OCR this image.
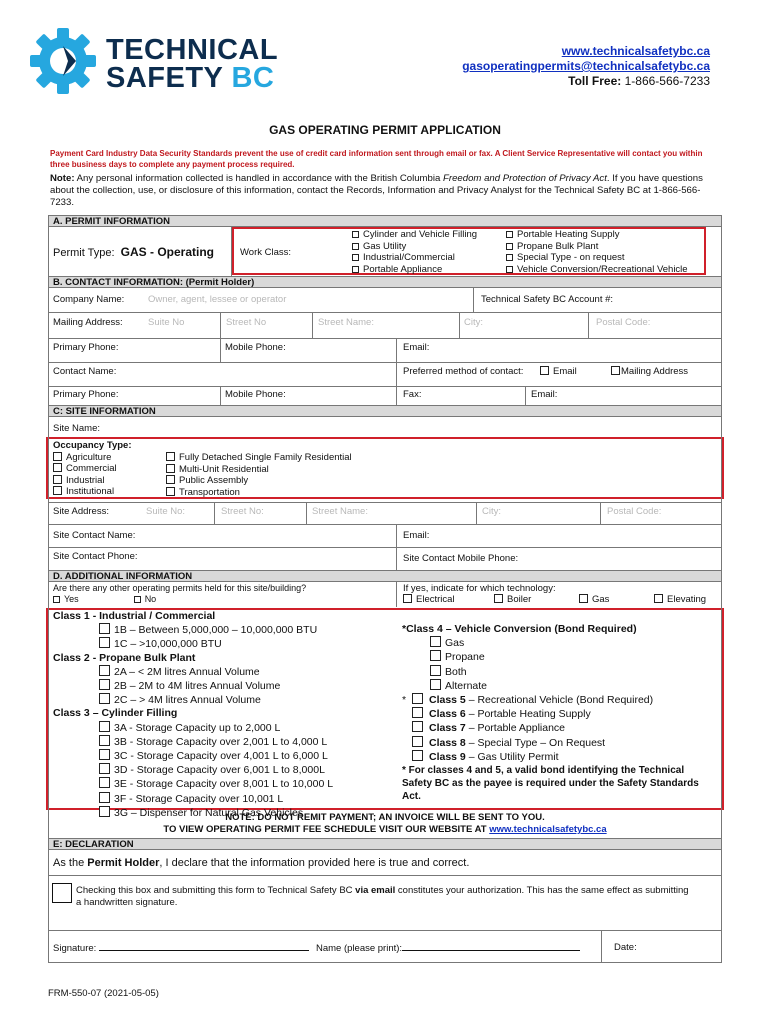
TECHNICAL
SAFETY BC
www.technicalsafetybc.ca
gasoperatingpermits@technicalsafetybc.ca
Toll Free: 1-866-566-7233
GAS OPERATING PERMIT APPLICATION
Payment Card Industry Data Security Standards prevent the use of credit card information sent through email or fax. A Client Service Representative will contact you within three business days to complete any payment process required.
Note: Any personal information collected is handled in accordance with the British Columbia Freedom and Protection of Privacy Act. If you have questions about the collection, use, or disclosure of this information, contact the Records, Information and Privacy Analyst for the Technical Safety BC at 1-866-566-7233.
A. PERMIT INFORMATION
Permit Type: GAS - Operating	Work Class:
Cylinder and Vehicle Filling
Gas Utility
Industrial/Commercial
Portable Appliance
Portable Heating Supply
Propane Bulk Plant
Special Type - on request
Vehicle Conversion/Recreational Vehicle
B. CONTACT INFORMATION: (Permit Holder)
Company Name: Owner, agent, lessee or operator	Technical Safety BC Account #:
Mailing Address:	Suite No	Street No	Street Name:	City:	Postal Code:
Primary Phone:	Mobile Phone:	Email:
Contact Name:	Preferred method of contact:	Email	Mailing Address
Primary Phone:	Mobile Phone:	Fax:	Email:
C: SITE INFORMATION
Site Name:
Occupancy Type:
Agriculture
Commercial
Industrial
Institutional
Fully Detached Single Family Residential
Multi-Unit Residential
Public Assembly
Transportation
Site Address:	Suite No:	Street No:	Street Name:	City:	Postal Code:
Site Contact Name:	Email:
Site Contact Phone:	Site Contact Mobile Phone:
D. ADDITIONAL INFORMATION
Are there any other operating permits held for this site/building?
Yes	No
If yes, indicate for which technology:
Electrical	Boiler	Gas	Elevating
Class 1 - Industrial / Commercial
1B – Between 5,000,000 – 10,000,000 BTU
1C – >10,000,000 BTU
Class 2 - Propane Bulk Plant
2A – < 2M litres Annual Volume
2B – 2M to 4M litres Annual Volume
2C – > 4M litres Annual Volume
Class 3 – Cylinder Filling
3A - Storage Capacity up to 2,000 L
3B - Storage Capacity over 2,001 L to 4,000 L
3C - Storage Capacity over 4,001 L to 6,000 L
3D - Storage Capacity over 6,001 L to 8,000L
3E - Storage Capacity over 8,001 L to 10,000 L
3F - Storage Capacity over 10,001 L
3G – Dispenser for Natural Gas Vehicles
*Class 4 – Vehicle Conversion (Bond Required)
Gas
Propane
Both
Alternate
* Class 5 – Recreational Vehicle (Bond Required)
Class 6 – Portable Heating Supply
Class 7 – Portable Appliance
Class 8 – Special Type – On Request
Class 9 – Gas Utility Permit
* For classes 4 and 5, a valid bond identifying the Technical Safety BC as the payee is required under the Safety Standards Act.
NOTE: DO NOT REMIT PAYMENT; AN INVOICE WILL BE SENT TO YOU.
TO VIEW OPERATING PERMIT FEE SCHEDULE VISIT OUR WEBSITE AT www.technicalsafetybc.ca
E: DECLARATION
As the Permit Holder, I declare that the information provided here is true and correct.
Checking this box and submitting this form to Technical Safety BC via email constitutes your authorization. This has the same effect as submitting a handwritten signature.
Signature:	Name (please print):	Date:
FRM-550-07 (2021-05-05)
